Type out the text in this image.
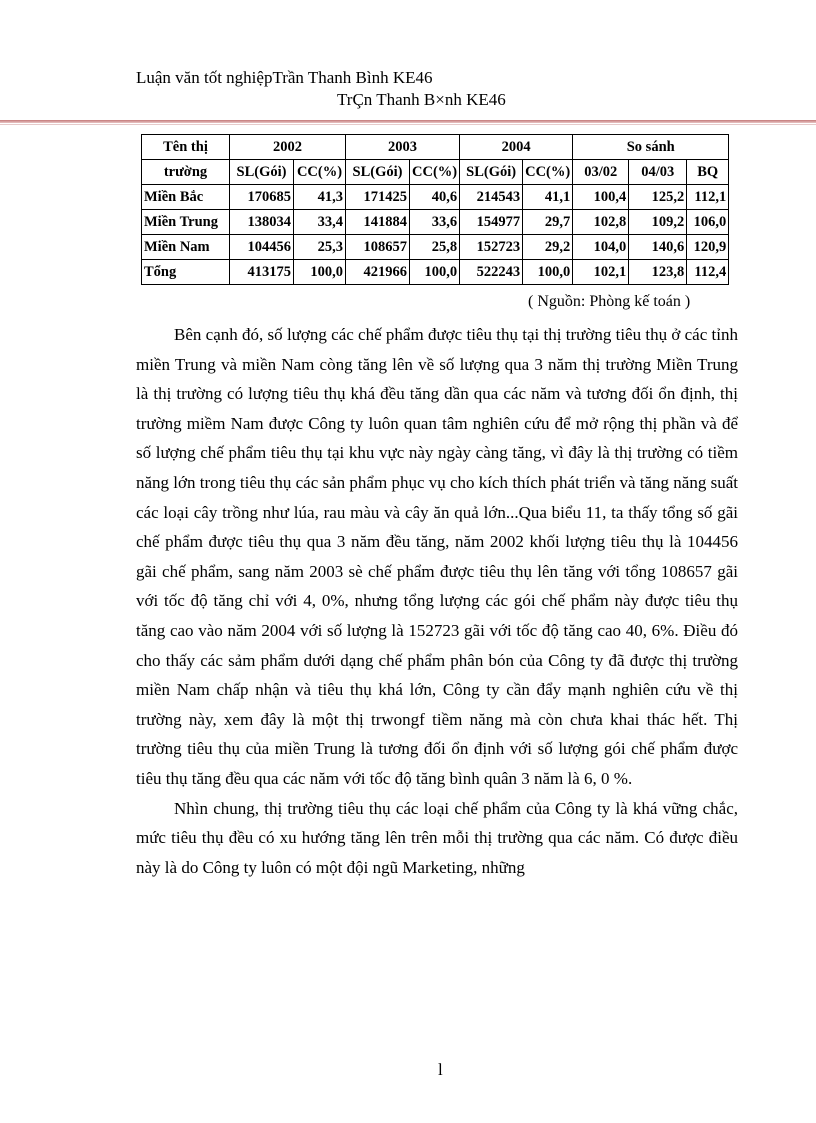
Luận văn tốt nghiệpTrần Thanh Bình KE46
TrÇn Thanh B×nh KE46
Tên thị	2002		2003		2004		So sánh		
trường	SL(Gói)	CC(%)	SL(Gói)	CC(%)	SL(Gói)	CC(%)	03/02	04/03	BQ
Miền Bắc	170685	41,3	171425	40,6	214543	41,1	100,4	125,2	112,1
Miền Trung	138034	33,4	141884	33,6	154977	29,7	102,8	109,2	106,0
Miền Nam	104456	25,3	108657	25,8	152723	29,2	104,0	140,6	120,9
Tổng	413175	100,0	421966	100,0	522243	100,0	102,1	123,8	112,4
( Nguồn: Phòng kế toán )

Bên cạnh đó, số lượng các chế phẩm được tiêu thụ tại thị trường tiêu thụ ở các tỉnh miền Trung và miền Nam còng tăng lên về số lượng qua 3 năm thị trường Miền Trung là thị trường có lượng tiêu thụ khá đều tăng dần qua các năm và tương đối ổn định, thị trường miềm Nam được Công ty luôn quan tâm nghiên cứu để mở rộng thị phần và để số lượng chế phẩm tiêu thụ tại khu vực này ngày càng tăng, vì đây là thị trường có tiềm năng lớn trong tiêu thụ các sản phẩm phục vụ cho kích thích phát triển và tăng năng suất các loại cây trồng như lúa, rau màu và cây ăn quả lớn...Qua biểu 11, ta thấy tổng số gãi chế phẩm được tiêu thụ qua 3 năm đều tăng, năm 2002 khối lượng tiêu thụ là 104456 gãi chế phẩm, sang năm 2003 sè chế phẩm được tiêu thụ lên tăng với tổng 108657 gãi với tốc độ tăng chỉ với 4, 0%, nhưng tổng lượng các gói chế phẩm này được tiêu thụ tăng cao vào năm 2004 với số lượng là 152723 gãi với tốc độ tăng cao 40, 6%. Điều đó cho thấy các sảm phẩm dưới dạng chế phẩm phân bón của Công ty đã được thị trường miền Nam chấp nhận và tiêu thụ khá lớn, Công ty cần đẩy mạnh nghiên cứu về thị trường này, xem đây là một thị trwongf tiềm năng mà còn chưa khai thác hết. Thị trường tiêu thụ của miền Trung là tương đối ổn định với số lượng gói chế phẩm được tiêu thụ tăng đều qua các năm với tốc độ tăng bình quân 3 năm là 6, 0 %.

Nhìn chung, thị trường tiêu thụ các loại chế phẩm của Công ty là khá vững chắc, mức tiêu thụ đều có xu hướng tăng lên trên mỗi thị trường qua các năm. Có được điều này là do Công ty luôn có một đội ngũ Marketing, những

l
